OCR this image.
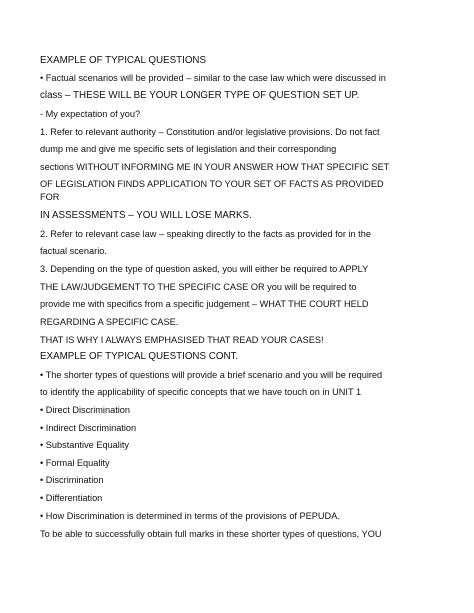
EXAMPLE OF TYPICAL QUESTIONS
• Factual scenarios will be provided – similar to the case law which were discussed in
class – THESE WILL BE YOUR LONGER TYPE OF QUESTION SET UP.
- My expectation of you?
1. Refer to relevant authority – Constitution and/or legislative provisions. Do not fact
dump me and give me specific sets of legislation and their corresponding
sections WITHOUT INFORMING ME IN YOUR ANSWER HOW THAT SPECIFIC SET
OF LEGISLATION FINDS APPLICATION TO YOUR SET OF FACTS AS PROVIDED
FOR
IN ASSESSMENTS – YOU WILL LOSE MARKS.
2. Refer to relevant case law – speaking directly to the facts as provided for in the
factual scenario.
3. Depending on the type of question asked, you will either be required to APPLY
THE LAW/JUDGEMENT TO THE SPECIFIC CASE OR you will be required to
provide me with specifics from a specific judgement – WHAT THE COURT HELD
REGARDING A SPECIFIC CASE.
THAT IS WHY I ALWAYS EMPHASISED THAT READ YOUR CASES!
EXAMPLE OF TYPICAL QUESTIONS CONT.
• The shorter types of questions will provide a brief scenario and you will be required
to identify the applicability of specific concepts that we have touch on in UNIT 1
• Direct Discrimination
• Indirect Discrimination
• Substantive Equality
• Formal Equality
• Discrimination
• Differentiation
• How Discrimination is determined in terms of the provisions of PEPUDA.
To be able to successfully obtain full marks in these shorter types of questions, YOU
